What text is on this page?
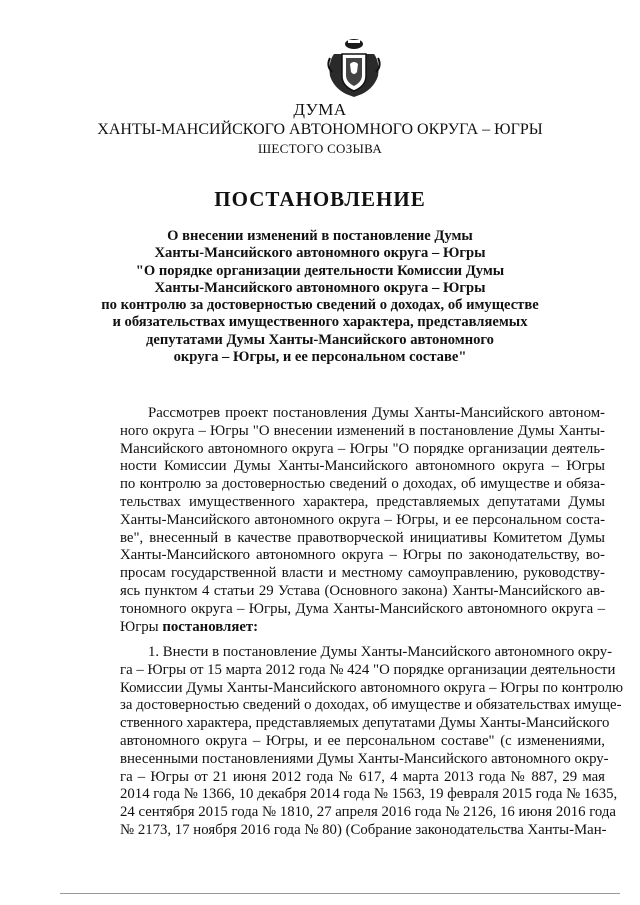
ДУМА
ХАНТЫ-МАНСИЙСКОГО АВТОНОМНОГО ОКРУГА – ЮГРЫ
ШЕСТОГО СОЗЫВА
ПОСТАНОВЛЕНИЕ
О внесении изменений в постановление Думы
Ханты-Мансийского автономного округа – Югры
"О порядке организации деятельности Комиссии Думы
Ханты-Мансийского автономного округа – Югры
по контролю за достоверностью сведений о доходах, об имуществе
и обязательствах имущественного характера, представляемых
депутатами Думы Ханты-Мансийского автономного
округа – Югры, и ее персональном составе"
Рассмотрев проект постановления Думы Ханты-Мансийского автоном-
ного округа – Югры "О внесении изменений в постановление Думы Ханты-
Мансийского автономного округа – Югры "О порядке организации деятель-
ности Комиссии Думы Ханты-Мансийского автономного округа – Югры
по контролю за достоверностью сведений о доходах, об имуществе и обяза-
тельствах имущественного характера, представляемых депутатами Думы
Ханты-Мансийского автономного округа – Югры, и ее персональном соста-
ве", внесенный в качестве правотворческой инициативы Комитетом Думы
Ханты-Мансийского автономного округа – Югры по законодательству, во-
просам государственной власти и местному самоуправлению, руководству-
ясь пунктом 4 статьи 29 Устава (Основного закона) Ханты-Мансийского ав-
тономного округа – Югры, Дума Ханты-Мансийского автономного округа –
Югры постановляет:
1. Внести в постановление Думы Ханты-Мансийского автономного окру-
га – Югры от 15 марта 2012 года № 424 "О порядке организации деятельности
Комиссии Думы Ханты-Мансийского автономного округа – Югры по контролю
за достоверностью сведений о доходах, об имуществе и обязательствах имуще-
ственного характера, представляемых депутатами Думы Ханты-Мансийского
автономного округа – Югры, и ее персональном составе" (с изменениями,
внесенными постановлениями Думы Ханты-Мансийского автономного окру-
га – Югры от 21 июня 2012 года № 617, 4 марта 2013 года № 887, 29 мая
2014 года № 1366, 10 декабря 2014 года № 1563, 19 февраля 2015 года № 1635,
24 сентября 2015 года № 1810, 27 апреля 2016 года № 2126, 16 июня 2016 года
№ 2173, 17 ноября 2016 года № 80) (Собрание законодательства Ханты-Ман-
